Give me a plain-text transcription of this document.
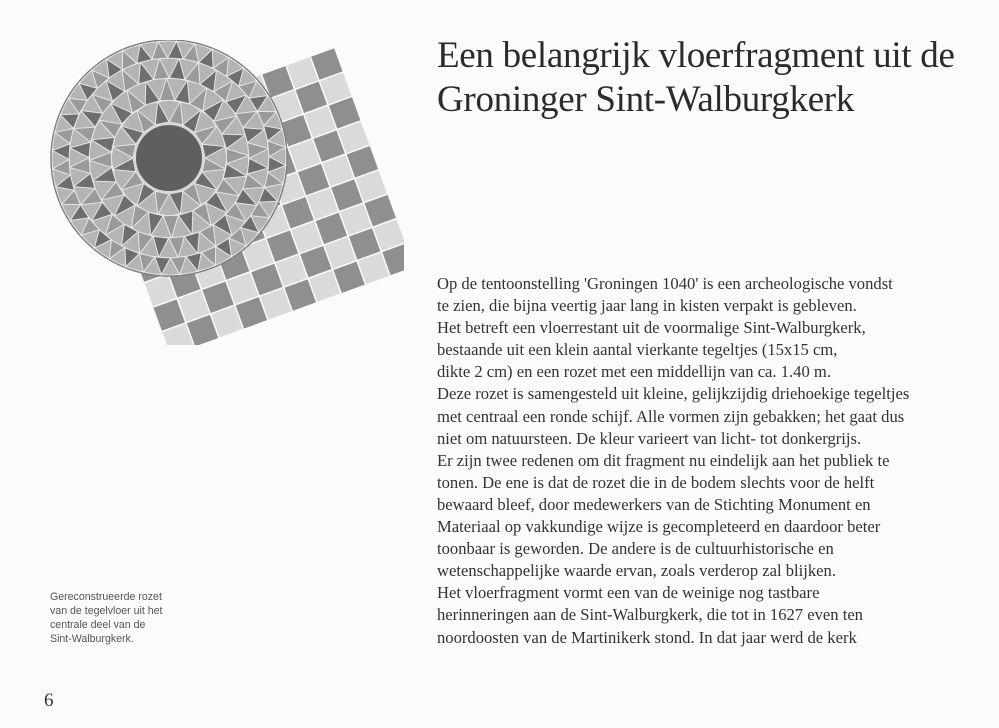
Een belangrijk vloerfragment uit de
Groninger Sint-Walburgkerk

Gereconstrueerde rozet
van de tegelvloer uit het
centrale deel van de
Sint-Walburgkerk.

Op de tentoonstelling 'Groningen 1040' is een archeologische vondst
te zien, die bijna veertig jaar lang in kisten verpakt is gebleven.
Het betreft een vloerrestant uit de voormalige Sint-Walburgkerk,
bestaande uit een klein aantal vierkante tegeltjes (15x15 cm,
dikte 2 cm) en een rozet met een middellijn van ca. 1.40 m.
Deze rozet is samengesteld uit kleine, gelijkzijdig driehoekige tegeltjes
met centraal een ronde schijf. Alle vormen zijn gebakken; het gaat dus
niet om natuursteen. De kleur varieert van licht- tot donkergrijs.
Er zijn twee redenen om dit fragment nu eindelijk aan het publiek te
tonen. De ene is dat de rozet die in de bodem slechts voor de helft
bewaard bleef, door medewerkers van de Stichting Monument en
Materiaal op vakkundige wijze is gecompleteerd en daardoor beter
toonbaar is geworden. De andere is de cultuurhistorische en
wetenschappelijke waarde ervan, zoals verderop zal blijken.
Het vloerfragment vormt een van de weinige nog tastbare
herinneringen aan de Sint-Walburgkerk, die tot in 1627 even ten
noordoosten van de Martinikerk stond. In dat jaar werd de kerk
6
